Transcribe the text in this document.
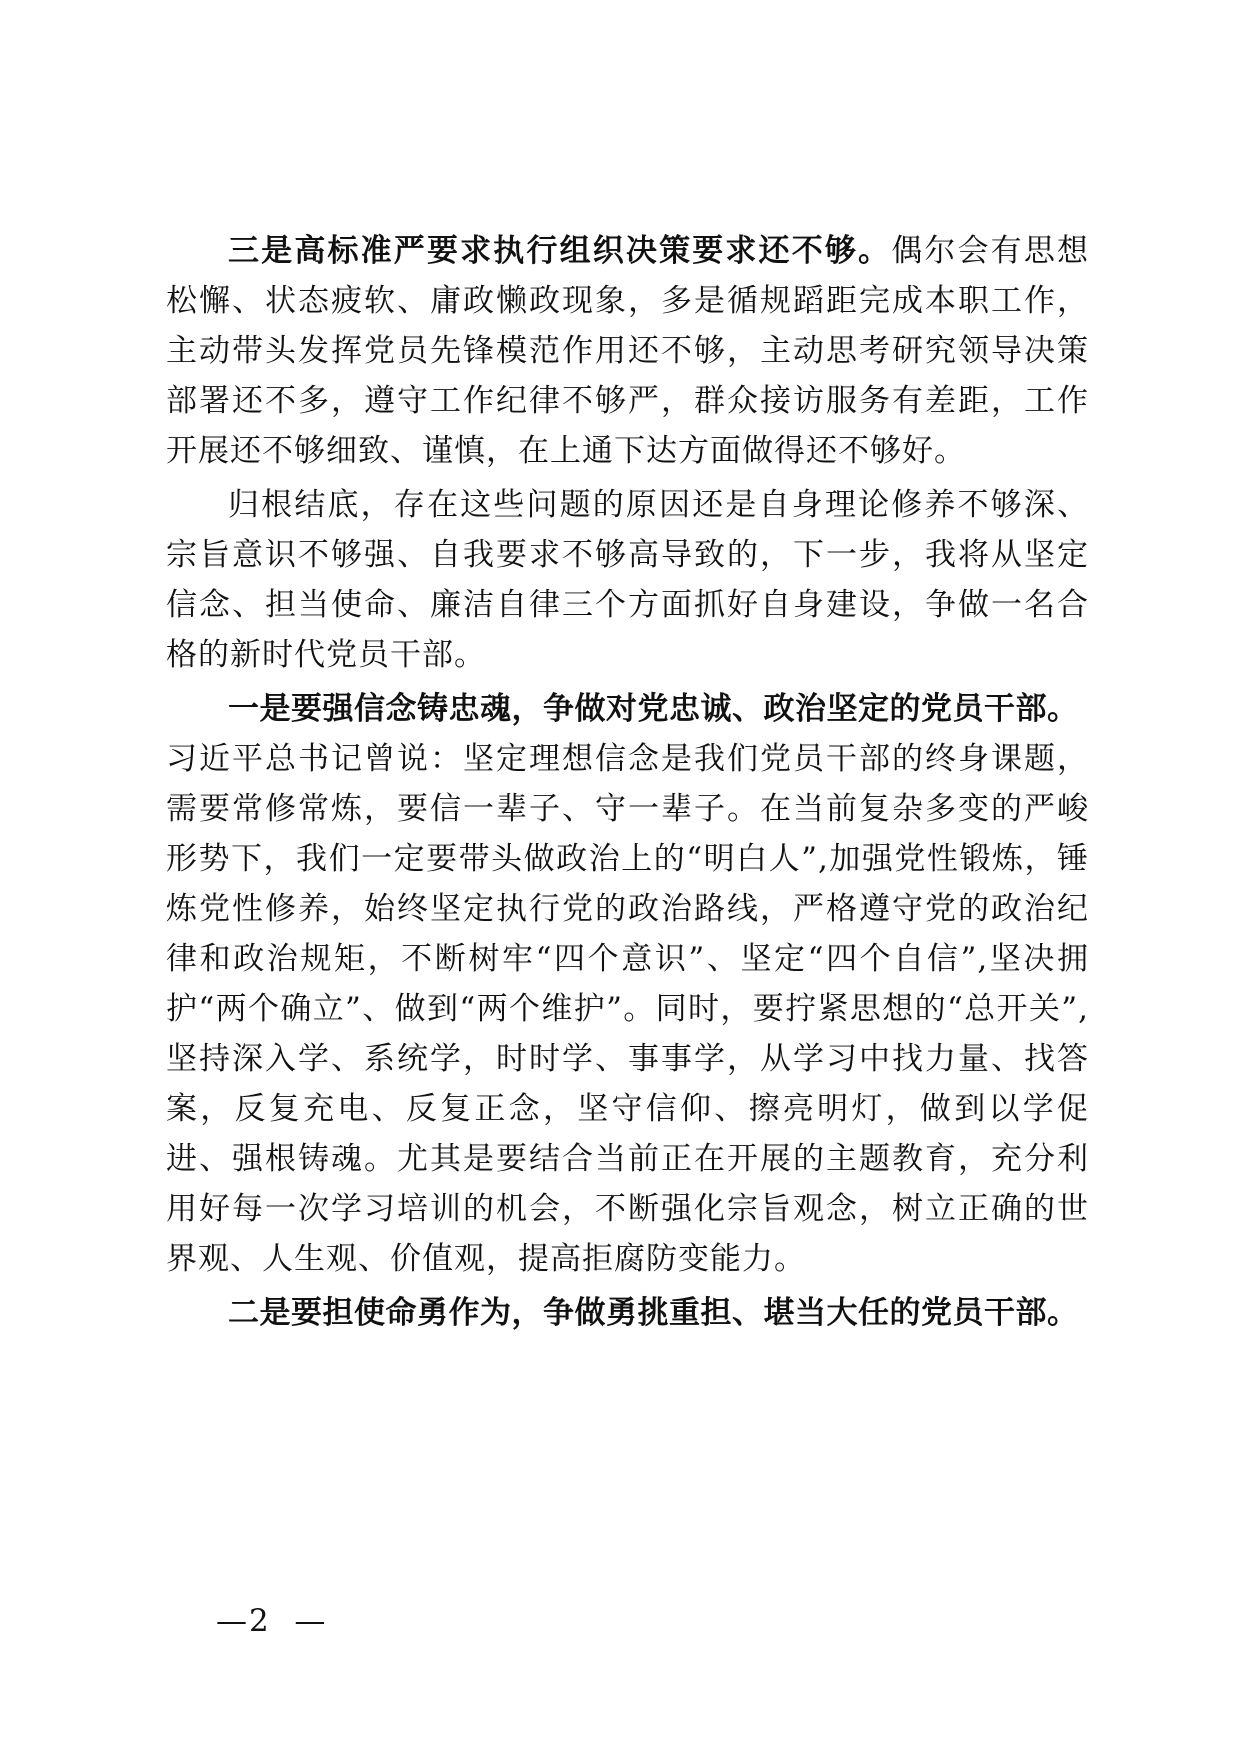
三是高标准严要求执行组织决策要求还不够。偶尔会有思想松懈、状态疲软、庸政懒政现象，多是循规蹈距完成本职工作，主动带头发挥党员先锋模范作用还不够，主动思考研究领导决策部署还不多，遵守工作纪律不够严，群众接访服务有差距，工作开展还不够细致、谨慎，在上通下达方面做得还不够好。

归根结底，存在这些问题的原因还是自身理论修养不够深、宗旨意识不够强、自我要求不够高导致的，下一步，我将从坚定信念、担当使命、廉洁自律三个方面抓好自身建设，争做一名合格的新时代党员干部。

一是要强信念铸忠魂，争做对党忠诚、政治坚定的党员干部。

习近平总书记曾说：坚定理想信念是我们党员干部的终身课题，需要常修常炼，要信一辈子、守一辈子。在当前复杂多变的严峻形势下，我们一定要带头做政治上的“明白人”,加强党性锻炼，锤炼党性修养，始终坚定执行党的政治路线，严格遵守党的政治纪律和政治规矩，不断树牢“四个意识”、坚定“四个自信”,坚决拥护“两个确立”、做到“两个维护”。同时，要拧紧思想的“总开关”,坚持深入学、系统学，时时学、事事学，从学习中找力量、找答案，反复充电、反复正念，坚守信仰、擦亮明灯，做到以学促进、强根铸魂。尤其是要结合当前正在开展的主题教育，充分利用好每一次学习培训的机会，不断强化宗旨观念，树立正确的世界观、人生观、价值观，提高拒腐防变能力。

二是要担使命勇作为，争做勇挑重担、堪当大任的党员干部。

—2  —
